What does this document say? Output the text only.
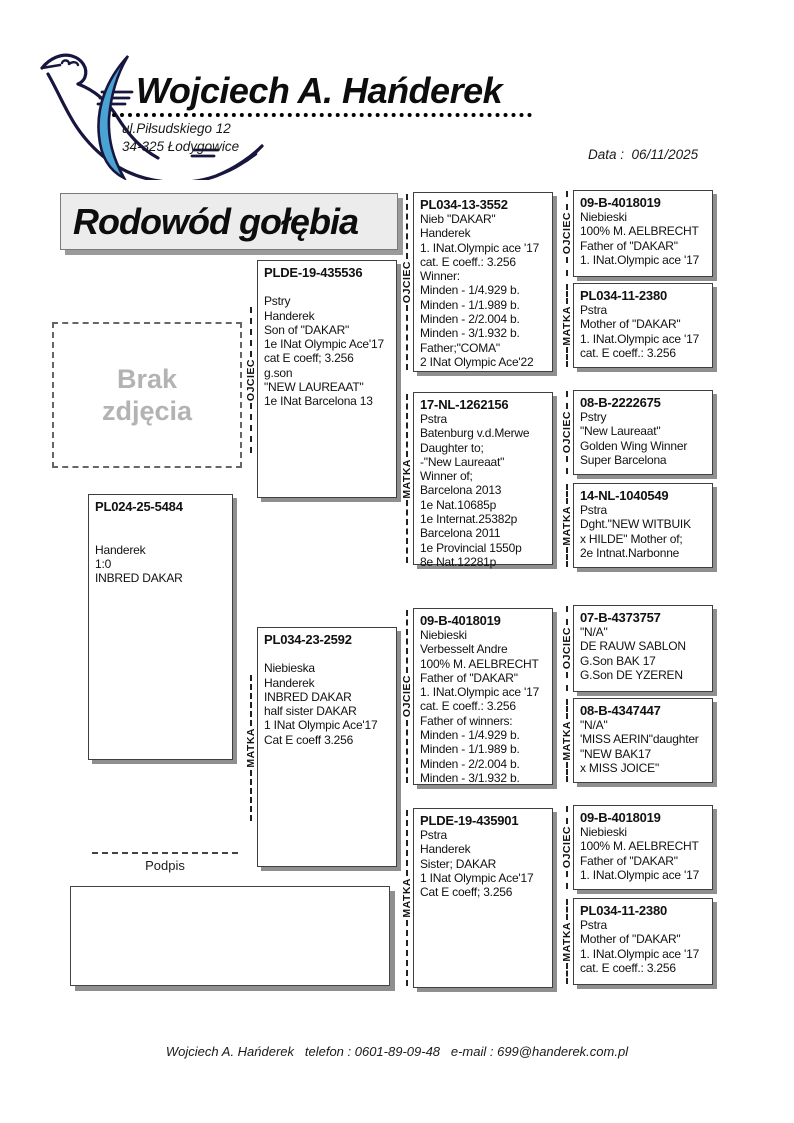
Wojciech A. Hańderek
ul.Piłsudskiego 12
34-325 Łodygowice
Data : 06/11/2025
Rodowód gołębia
Brak
zdjęcia
PL024-25-5484

Handerek
1:0
INBRED DAKAR
PLDE-19-435536

Pstry
Handerek
Son of "DAKAR"
1e INat Olympic Ace'17
cat E coeff; 3.256
g.son
"NEW LAUREAAT"
1e INat Barcelona 13
PL034-23-2592

Niebieska
Handerek
INBRED DAKAR
half sister DAKAR
1 INat Olympic Ace'17
Cat E coeff 3.256
PL034-13-3552
Nieb "DAKAR"
Handerek
1. INat.Olympic ace '17
cat. E coeff.: 3.256
Winner:
Minden - 1/4.929 b.
Minden - 1/1.989 b.
Minden - 2/2.004 b.
Minden - 3/1.932 b.
Father;"COMA"
2 INat Olympic Ace'22
17-NL-1262156
Pstra
Batenburg v.d.Merwe
Daughter to;
-"New Laureaat"
Winner of;
Barcelona 2013
1e Nat.10685p
1e Internat.25382p
Barcelona 2011
1e Provincial 1550p
8e Nat.12281p
09-B-4018019
Niebieski
Verbesselt Andre
100% M. AELBRECHT
Father of "DAKAR"
1. INat.Olympic ace '17
cat. E coeff.: 3.256
Father of winners:
Minden - 1/4.929 b.
Minden - 1/1.989 b.
Minden - 2/2.004 b.
Minden - 3/1.932 b.
PLDE-19-435901
Pstra
Handerek
Sister; DAKAR
1 INat Olympic Ace'17
Cat E coeff; 3.256
09-B-4018019
Niebieski
100% M. AELBRECHT
Father of "DAKAR"
1. INat.Olympic ace '17
PL034-11-2380
Pstra
Mother of "DAKAR"
1. INat.Olympic ace '17
cat. E coeff.: 3.256
08-B-2222675
Pstry
"New Laureaat"
Golden Wing Winner
Super Barcelona
14-NL-1040549
Pstra
Dght."NEW WITBUIK
x HILDE" Mother of;
2e Intnat.Narbonne
07-B-4373757
"N/A"
DE RAUW SABLON
G.Son BAK 17
G.Son DE YZEREN
08-B-4347447
"N/A"
'MISS AERIN"daughter
"NEW BAK17
x MISS JOICE"
09-B-4018019
Niebieski
100% M. AELBRECHT
Father of "DAKAR"
1. INat.Olympic ace '17
PL034-11-2380
Pstra
Mother of "DAKAR"
1. INat.Olympic ace '17
cat. E coeff.: 3.256
OJCIEC
MATKA
OJCIEC
MATKA
OJCIEC
MATKA
OJCIEC
MATKA
OJCIEC
MATKA
OJCIEC
MATKA
OJCIEC
MATKA
Podpis
Wojciech A. Hańderek   telefon : 0601-89-09-48   e-mail : 699@handerek.com.pl
